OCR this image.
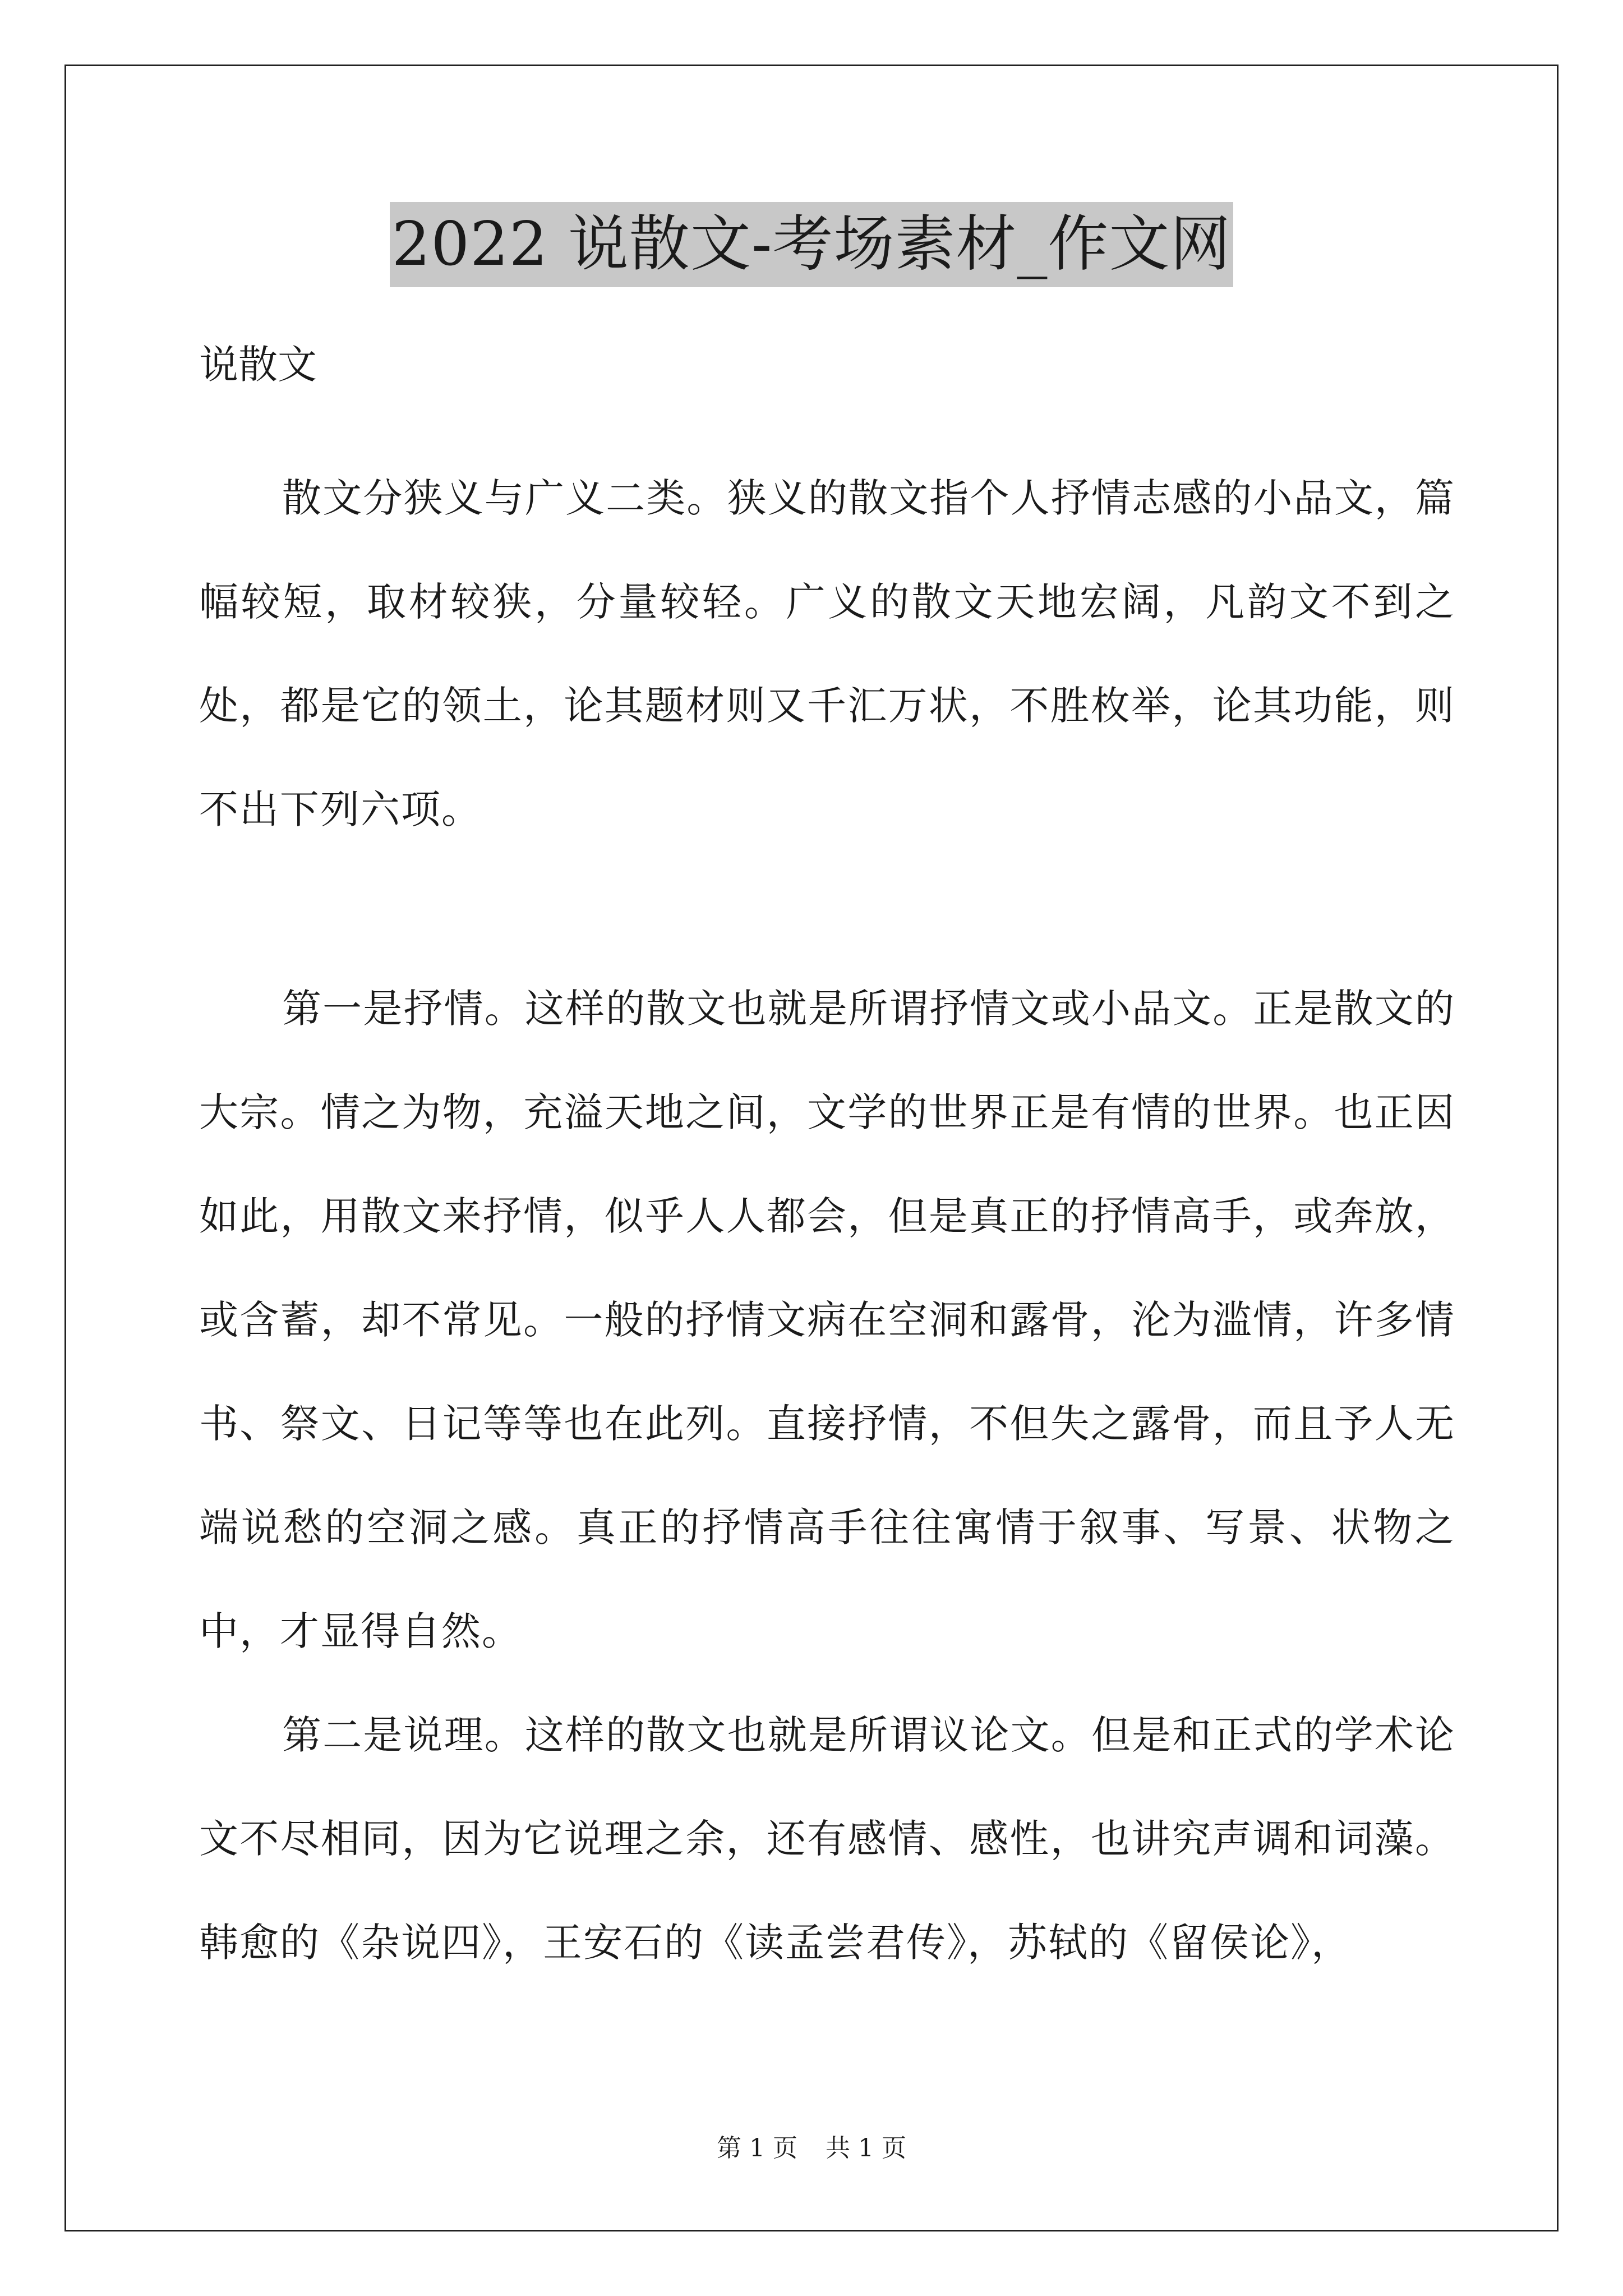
2022 说散文-考场素材_作文网

说散文

散文分狭义与广义二类。狭义的散文指个人抒情志感的小品文，篇幅较短，取材较狭，分量较轻。广义的散文天地宏阔，凡韵文不到之处，都是它的领土，论其题材则又千汇万状，不胜枚举，论其功能，则不出下列六项。

第一是抒情。这样的散文也就是所谓抒情文或小品文。正是散文的大宗。情之为物，充溢天地之间，文学的世界正是有情的世界。也正因如此，用散文来抒情，似乎人人都会，但是真正的抒情高手，或奔放，或含蓄，却不常见。一般的抒情文病在空洞和露骨，沦为滥情，许多情书、祭文、日记等等也在此列。直接抒情，不但失之露骨，而且予人无端说愁的空洞之感。真正的抒情高手往往寓情于叙事、写景、状物之中，才显得自然。

第二是说理。这样的散文也就是所谓议论文。但是和正式的学术论文不尽相同，因为它说理之余，还有感情、感性，也讲究声调和词藻。韩愈的《杂说四》，王安石的《读孟尝君传》，苏轼的《留侯论》，

第 1 页 共 1 页
